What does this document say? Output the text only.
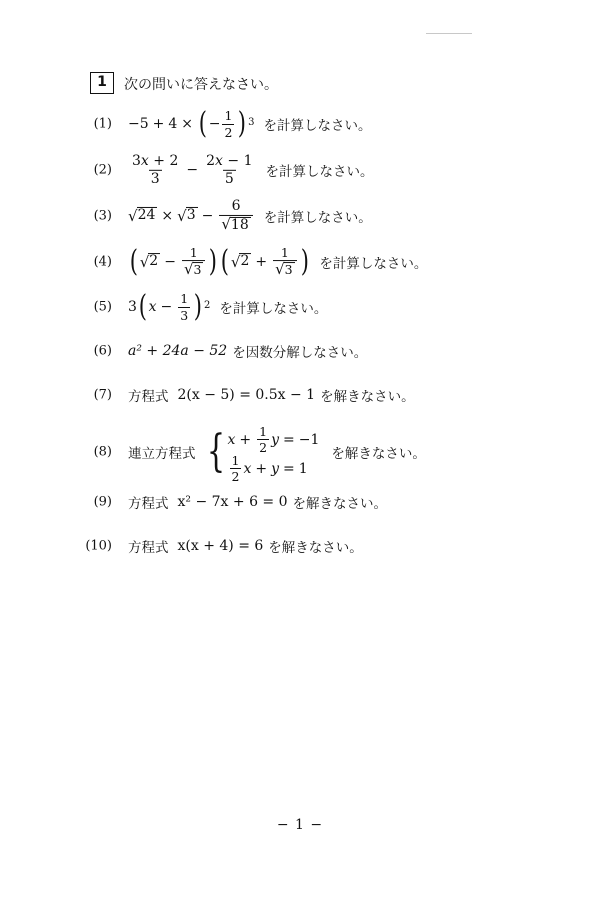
1	次の問いに答えなさい。
(1) −5 + 4 × ( − $\frac{1}{2} )^3$ を計算しなさい。
$(2) \frac{3x + 2}{3} - \frac{2x - 1}{5}$ を計算しなさい。
(3) √ 24 × √ $3 - \frac{6}{√ 18}$ を計算しなさい。
(4) ( √ $2 - \frac{1}{√ 3}$ ) ( √ $2 + \frac{1}{√ 3}$ ) を計算しなさい。
(5) 3 ( $x - \frac{1}{3} )^2$ を計算しなさい。
(6) a² + 24a − 52 を因数分解しなさい。
(7) 方程式 2(x − 5) = 0.5x − 1 を解きなさい。
(8) 連立方程式 { $x + \frac{1}{2}$ y = −1
$\frac{1}{2}$ x + y = 1
を解きなさい。
(9) 方程式 x² − 7x + 6 = 0 を解きなさい。
(10) 方程式 x(x + 4) = 6 を解きなさい。
− 1 −
